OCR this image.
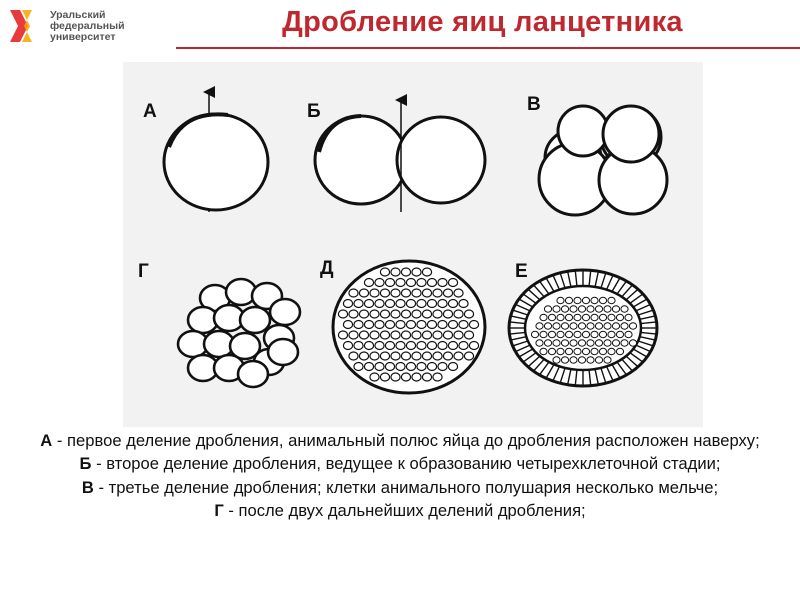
Уральский
федеральный
университет	Дробление яиц ланцетника
А	Б	В
Г	Д	Е
А - первое деление дробления, анимальный полюс яйца до дробления расположен наверху;
Б - второе деление дробления, ведущее к образованию четырехклеточной стадии;
В - третье деление дробления; клетки анимального полушария несколько мельче;
Г - после двух дальнейших делений дробления;
